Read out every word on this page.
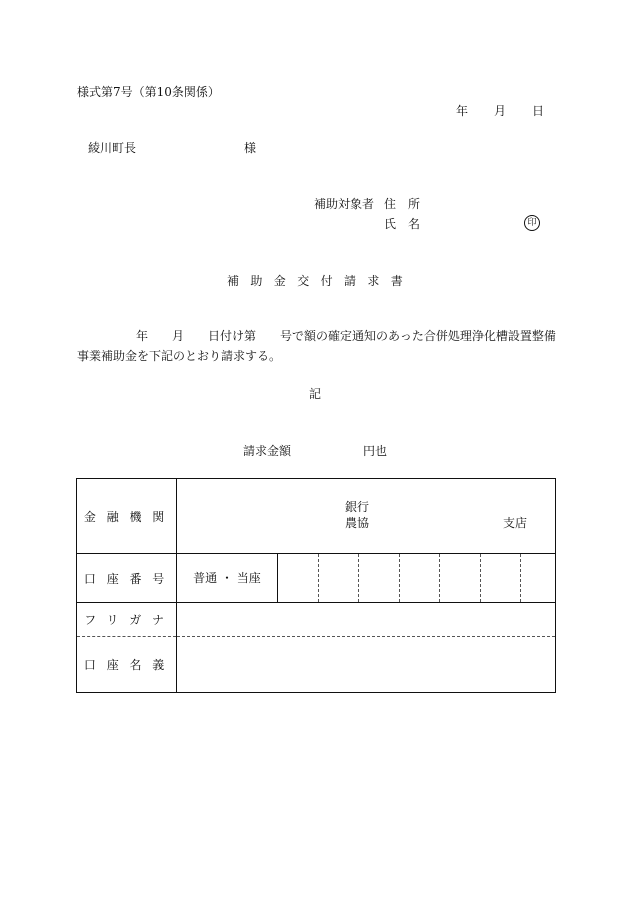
様式第7号（第10条関係）
年 月 日
綾川町長	様
補助対象者 住　所
氏　名	印
補助金交付請求書
年　　月　　日付け第　　号で額の確定通知のあった合併処理浄化槽設置整備
事業補助金を下記のとおり請求する。
記
請求金額	円也
金融機関	銀行
農協 支店

口座番号	普通 ・ 当座

フリガナ	
口座名義	
